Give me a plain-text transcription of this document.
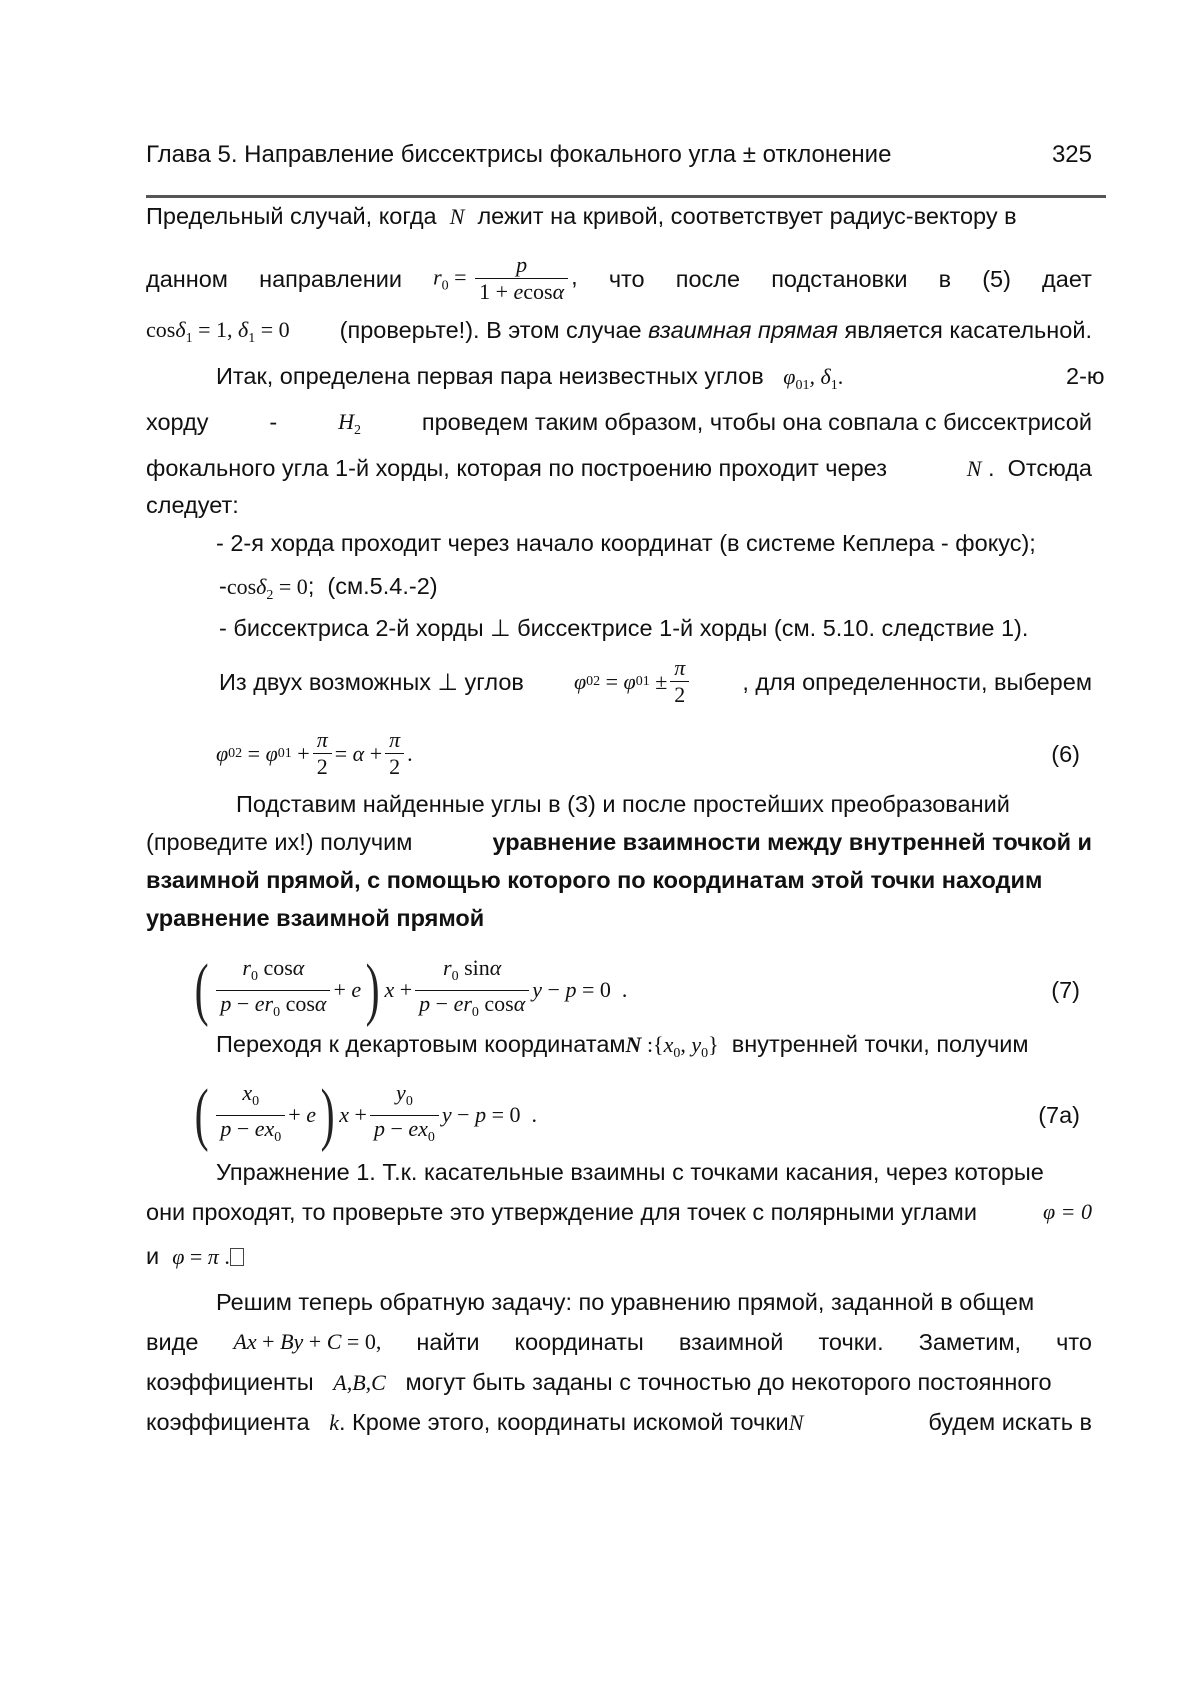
Глава 5. Направление биссектрисы фокального угла ± отклонение	325
Предельный случай, когда N лежит на кривой, соответствует радиус-вектору в
данном направлении $r_0 = \frac{p}{1 + ecos\alpha}$ , что после подстановки в (5) дает
cosδ$_1$ = 1, $\delta_1 = 0$ (проверьте!). В этом случае взаимная прямая является касательной.
Итак, определена первая пара неизвестных углов $\varphi_{01}$, $\delta_1$.	2-ю
хорду	-	$H_2$	проведем таким образом, чтобы она совпала с биссектрисой
фокального угла 1-й хорды, которая по построению проходит через	N .  Отсюда
следует:
- 2-я хорда проходит через начало координат (в системе Кеплера - фокус);
-cosδ$_2$ = 0;  (см.5.4.-2)
- биссектриса 2-й хорды ⊥ биссектрисе 1-й хорды (см. 5.10. следствие 1).
Из двух возможных ⊥ углов φ 02 = φ $01 \pm \frac{\pi}{2}$ , для определенности, выберем
φ 02 = φ $01 + \frac{\pi}{2} = \alpha + \frac{\pi}{2}$ .	(6)
Подставим найденные углы в (3) и после простейших преобразований
(проведите их!) получим	уравнение взаимности между внутренней точкой и
взаимной прямой, с помощью которого по координатам этой точки находим
уравнение взаимной прямой
( $\frac{r_0 \cos\alpha}{p - er_0 \cos\alpha} + e$ ) $x + \frac{r_0 \sin\alpha}{p - er_0 \cos\alpha}$ y − p = 0  .	(7)
Переходя к декартовым координатамN $:\{x_0$, $y_0$} внутренней точки, получим
( $\frac{x_0}{p - ex_0} + e$ ) $x + \frac{y_0}{p - ex_0}$ y − p = 0  .	(7a)
Упражнение 1. Т.к. касательные взаимны с точками касания, через которые
они проходят, то проверьте это утверждение для точек с полярными углами	φ = 0
и φ = π .
Решим теперь обратную задачу: по уравнению прямой, заданной в общем
виде Ax + By + C = 0, найти координаты взаимной точки. Заметим, что
коэффициенты A,B,C могут быть заданы с точностью до некоторого постоянного
коэффициента k. Кроме этого, координаты искомой точкиN	будем искать в
